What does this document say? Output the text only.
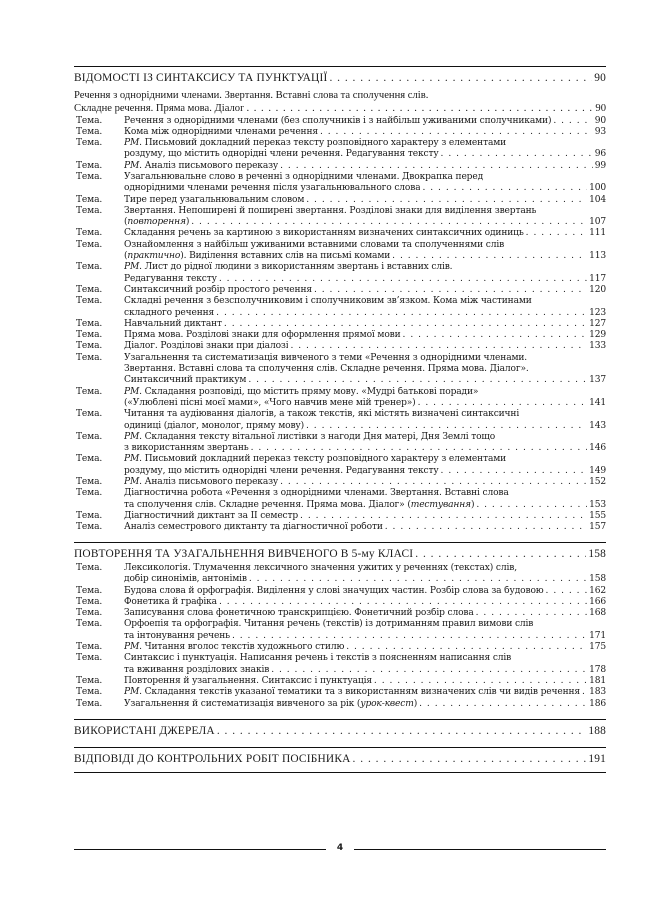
ВІДОМОСТІ ІЗ СИНТАКСИСУ ТА ПУНКТУАЦІЇ . . .	90
Речення з однорідними членами. Звертання. Вставні слова та сполучення слів.
Складне речення. Пряма мова. Діалог . . .	90
Тема.	Речення з однорідними членами (без сполучників і з найбільш уживаними сполучниками) . . .	90
Тема.	Кома між однорідними членами речення . . .	93
Тема.	РМ. Письмовий докладний переказ тексту розповідного характеру з елементами
роздуму, що містить однорідні члени речення. Редагування тексту . . .	96
Тема.	РМ. Аналіз письмового переказу . . .	99
Тема.	Узагальнювальне слово в реченні з однорідними членами. Двокрапка перед
однорідними членами речення після узагальнювального слова . . .	100
Тема.	Тире перед узагальнювальним словом . . .	104
Тема.	Звертання. Непоширені й поширені звертання. Розділові знаки для виділення звертань
(повторення) . . .	107
Тема.	Складання речень за картиною з використанням визначених синтаксичних одиниць . . .	111
Тема.	Ознайомлення з найбільш уживаними вставними словами та сполученнями слів
(практично). Виділення вставних слів на письмі комами . . .	113
Тема.	РМ. Лист до рідної людини з використанням звертань і вставних слів.
Редагування тексту . . .	117
Тема.	Синтаксичний розбір простого речення . . .	120
Тема.	Складні речення з безсполучниковим і сполучниковим зв’язком. Кома між частинами
складного речення . . .	123
Тема.	Навчальний диктант . . .	127
Тема.	Пряма мова. Розділові знаки для оформлення прямої мови . . .	129
Тема.	Діалог. Розділові знаки при діалозі . . .	133
Тема.	Узагальнення та систематизація вивченого з теми «Речення з однорідними членами.
Звертання. Вставні слова та сполучення слів. Складне речення. Пряма мова. Діалог».
Синтаксичний практикум . . .	137
Тема.	РМ. Складання розповіді, що містить пряму мову. «Мудрі батькові поради»
(«Улюблені пісні моєї мами», «Чого навчив мене мій тренер») . . .	141
Тема.	Читання та аудіювання діалогів, а також текстів, які містять визначені синтаксичні
одиниці (діалог, монолог, пряму мову) . . .	143
Тема.	РМ. Складання тексту вітальної листівки з нагоди Дня матері, Дня Землі тощо
з використанням звертань . . .	146
Тема.	РМ. Письмовий докладний переказ тексту розповідного характеру з елементами
роздуму, що містить однорідні члени речення. Редагування тексту . . .	149
Тема.	РМ. Аналіз письмового переказу . . .	152
Тема.	Діагностична робота «Речення з однорідними членами. Звертання. Вставні слова
та сполучення слів. Складне речення. Пряма мова. Діалог» (тестування) . . .	153
Тема.	Діагностичний диктант за ІІ семестр . . .	155
Тема.	Аналіз семестрового диктанту та діагностичної роботи . . .	157
ПОВТОРЕННЯ ТА УЗАГАЛЬНЕННЯ ВИВЧЕНОГО В 5-му КЛАСІ . . .	158
Тема.	Лексикологія. Тлумачення лексичного значення ужитих у реченнях (текстах) слів,
добір синонімів, антонімів . . .	158
Тема.	Будова слова й орфографія. Виділення у слові значущих частин. Розбір слова за будовою . . .	162
Тема.	Фонетика й графіка . . .	166
Тема.	Записування слова фонетичною транскрипцією. Фонетичний розбір слова . . .	168
Тема.	Орфоепія та орфографія. Читання речень (текстів) із дотриманням правил вимови слів
та інтонування речень . . .	171
Тема.	РМ. Читання вголос текстів художнього стилю . . .	175
Тема.	Синтаксис і пунктуація. Написання речень і текстів з поясненням написання слів
та вживання розділових знаків . . .	178
Тема.	Повторення й узагальнення. Синтаксис і пунктуація . . .	181
Тема.	РМ. Складання текстів указаної тематики та з використанням визначених слів чи видів речення . . . 183
Тема.	Узагальнення й систематизація вивченого за рік (урок-квест) . . .	186
ВИКОРИСТАНІ ДЖЕРЕЛА . . .	188
ВІДПОВІДІ ДО КОНТРОЛЬНИХ РОБІТ ПОСІБНИКА . . .	191
4
